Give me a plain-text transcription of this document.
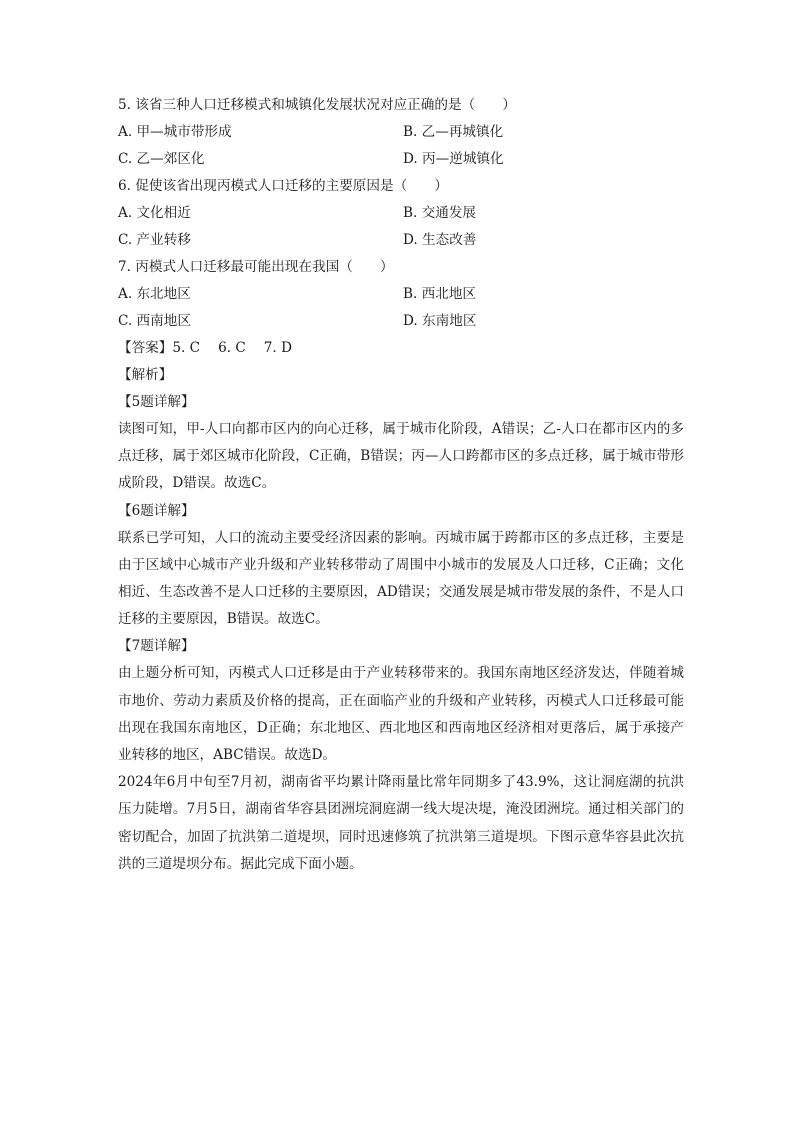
5. 该省三种人口迁移模式和城镇化发展状况对应正确的是（　　）
A. 甲—城市带形成	B. 乙—再城镇化
C. 乙—郊区化	D. 丙—逆城镇化
6. 促使该省出现丙模式人口迁移的主要原因是（　　）
A. 文化相近	B. 交通发展
C. 产业转移	D. 生态改善
7. 丙模式人口迁移最可能出现在我国（　　）
A. 东北地区	B. 西北地区
C. 西南地区	D. 东南地区
【答案】5. C 6. C 7. D
【解析】
【5题详解】
读图可知，甲-人口向都市区内的向心迁移，属于城市化阶段，A错误；乙-人口在都市区内的多点迁移，属于郊区城市化阶段，C正确，B错误；丙—人口跨都市区的多点迁移，属于城市带形成阶段，D错误。故选C。
【6题详解】
联系已学可知，人口的流动主要受经济因素的影响。丙城市属于跨都市区的多点迁移，主要是由于区域中心城市产业升级和产业转移带动了周围中小城市的发展及人口迁移，C正确；文化相近、生态改善不是人口迁移的主要原因，AD错误；交通发展是城市带发展的条件，不是人口迁移的主要原因，B错误。故选C。
【7题详解】
由上题分析可知，丙模式人口迁移是由于产业转移带来的。我国东南地区经济发达，伴随着城市地价、劳动力素质及价格的提高，正在面临产业的升级和产业转移，丙模式人口迁移最可能出现在我国东南地区，D正确；东北地区、西北地区和西南地区经济相对更落后，属于承接产业转移的地区，ABC错误。故选D。
2024年6月中旬至7月初，湖南省平均累计降雨量比常年同期多了43.9%，这让洞庭湖的抗洪压力陡增。7月5日，湖南省华容县团洲垸洞庭湖一线大堤决堤，淹没团洲垸。通过相关部门的密切配合，加固了抗洪第二道堤坝，同时迅速修筑了抗洪第三道堤坝。下图示意华容县此次抗洪的三道堤坝分布。据此完成下面小题。
